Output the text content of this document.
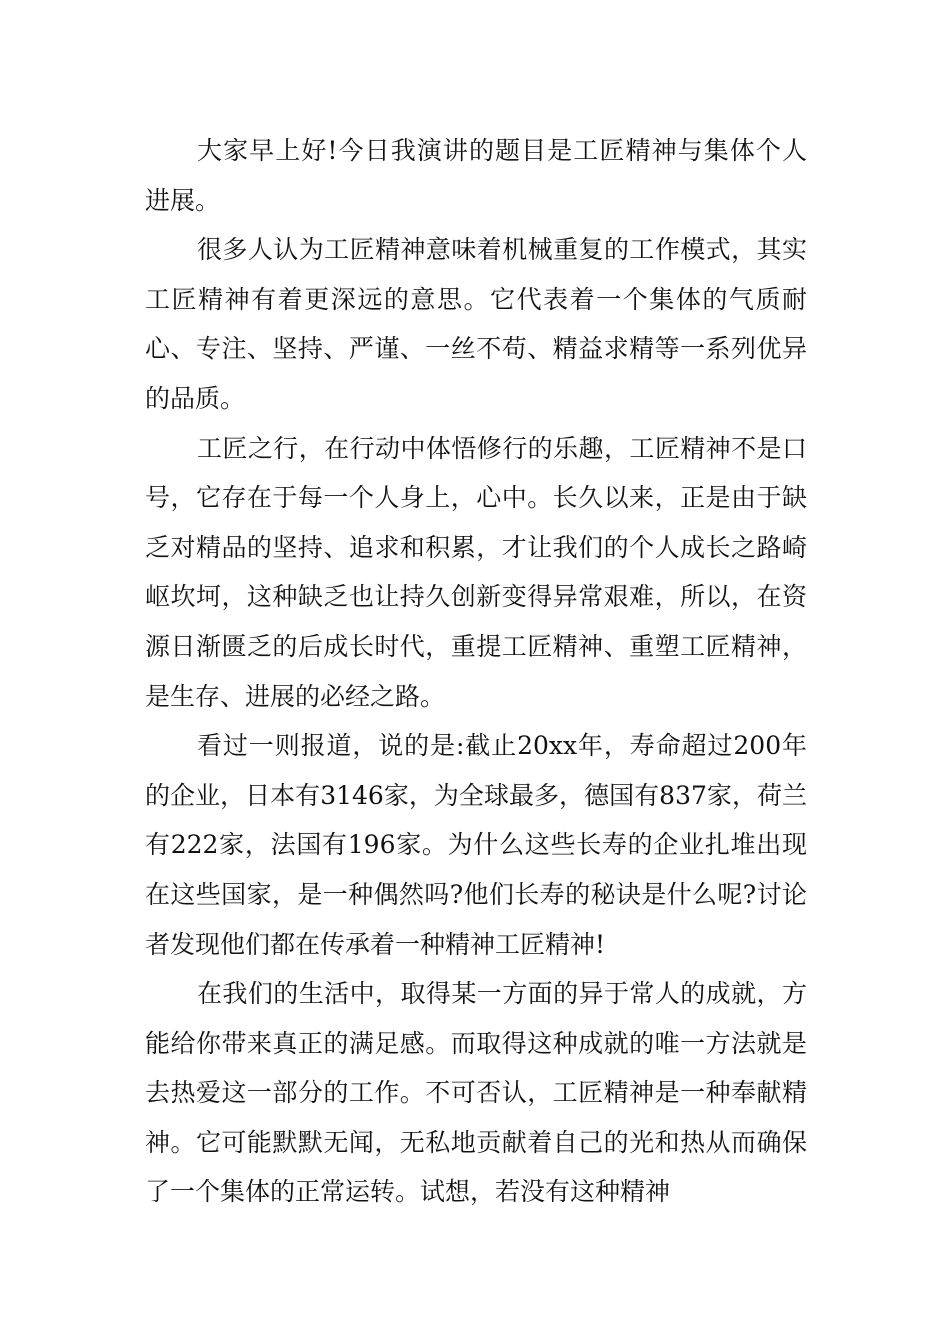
大家早上好!今日我演讲的题目是工匠精神与集体个人进展。

很多人认为工匠精神意味着机械重复的工作模式，其实工匠精神有着更深远的意思。它代表着一个集体的气质耐心、专注、坚持、严谨、一丝不苟、精益求精等一系列优异的品质。

工匠之行，在行动中体悟修行的乐趣，工匠精神不是口号，它存在于每一个人身上，心中。长久以来，正是由于缺乏对精品的坚持、追求和积累，才让我们的个人成长之路崎岖坎坷，这种缺乏也让持久创新变得异常艰难，所以，在资源日渐匮乏的后成长时代，重提工匠精神、重塑工匠精神，是生存、进展的必经之路。

看过一则报道，说的是:截止20xx年，寿命超过200年的企业，日本有3146家，为全球最多，德国有837家，荷兰有222家，法国有196家。为什么这些长寿的企业扎堆出现在这些国家，是一种偶然吗?他们长寿的秘诀是什么呢?讨论者发现他们都在传承着一种精神工匠精神!

在我们的生活中，取得某一方面的异于常人的成就，方能给你带来真正的满足感。而取得这种成就的唯一方法就是去热爱这一部分的工作。不可否认，工匠精神是一种奉献精神。它可能默默无闻，无私地贡献着自己的光和热从而确保了一个集体的正常运转。试想，若没有这种精神
